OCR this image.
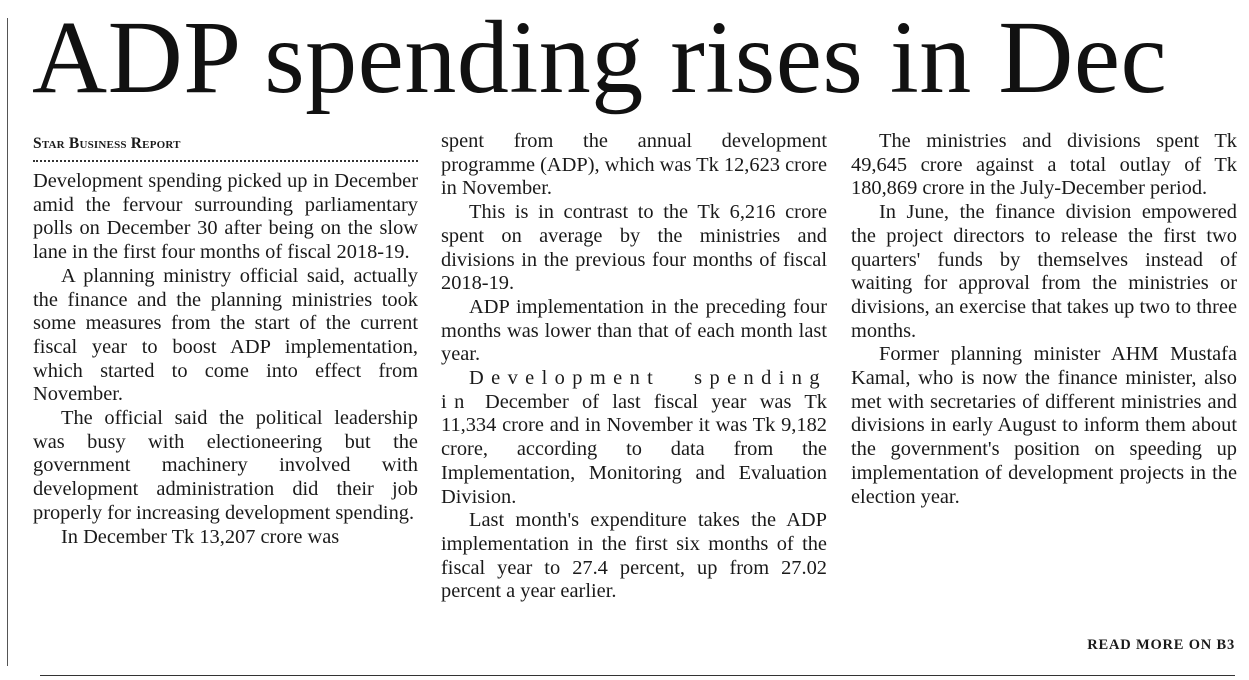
ADP spending rises in Dec
Star Business Report

Development spending picked up in December amid the fervour surrounding parliamentary polls on December 30 after being on the slow lane in the first four months of fiscal 2018-19.

A planning ministry official said, actually the finance and the planning ministries took some measures from the start of the current fiscal year to boost ADP implementation, which started to come into effect from November.

The official said the political leadership was busy with electioneering but the government machinery involved with development administration did their job properly for increasing development spending.

In December Tk 13,207 crore was

spent from the annual development programme (ADP), which was Tk 12,623 crore in November.

This is in contrast to the Tk 6,216 crore spent on average by the ministries and divisions in the previous four months of fiscal 2018-19.

ADP implementation in the preceding four months was lower than that of each month last year.

Development spending in December of last fiscal year was Tk 11,334 crore and in November it was Tk 9,182 crore, according to data from the Implementation, Monitoring and Evaluation Division.

Last month's expenditure takes the ADP implementation in the first six months of the fiscal year to 27.4 percent, up from 27.02 percent a year earlier.

The ministries and divisions spent Tk 49,645 crore against a total outlay of Tk 180,869 crore in the July-December period.

In June, the finance division empowered the project directors to release the first two quarters' funds by themselves instead of waiting for approval from the ministries or divisions, an exercise that takes up two to three months.

Former planning minister AHM Mustafa Kamal, who is now the finance minister, also met with secretaries of different ministries and divisions in early August to inform them about the government's position on speeding up implementation of development projects in the election year.

READ MORE ON B3
